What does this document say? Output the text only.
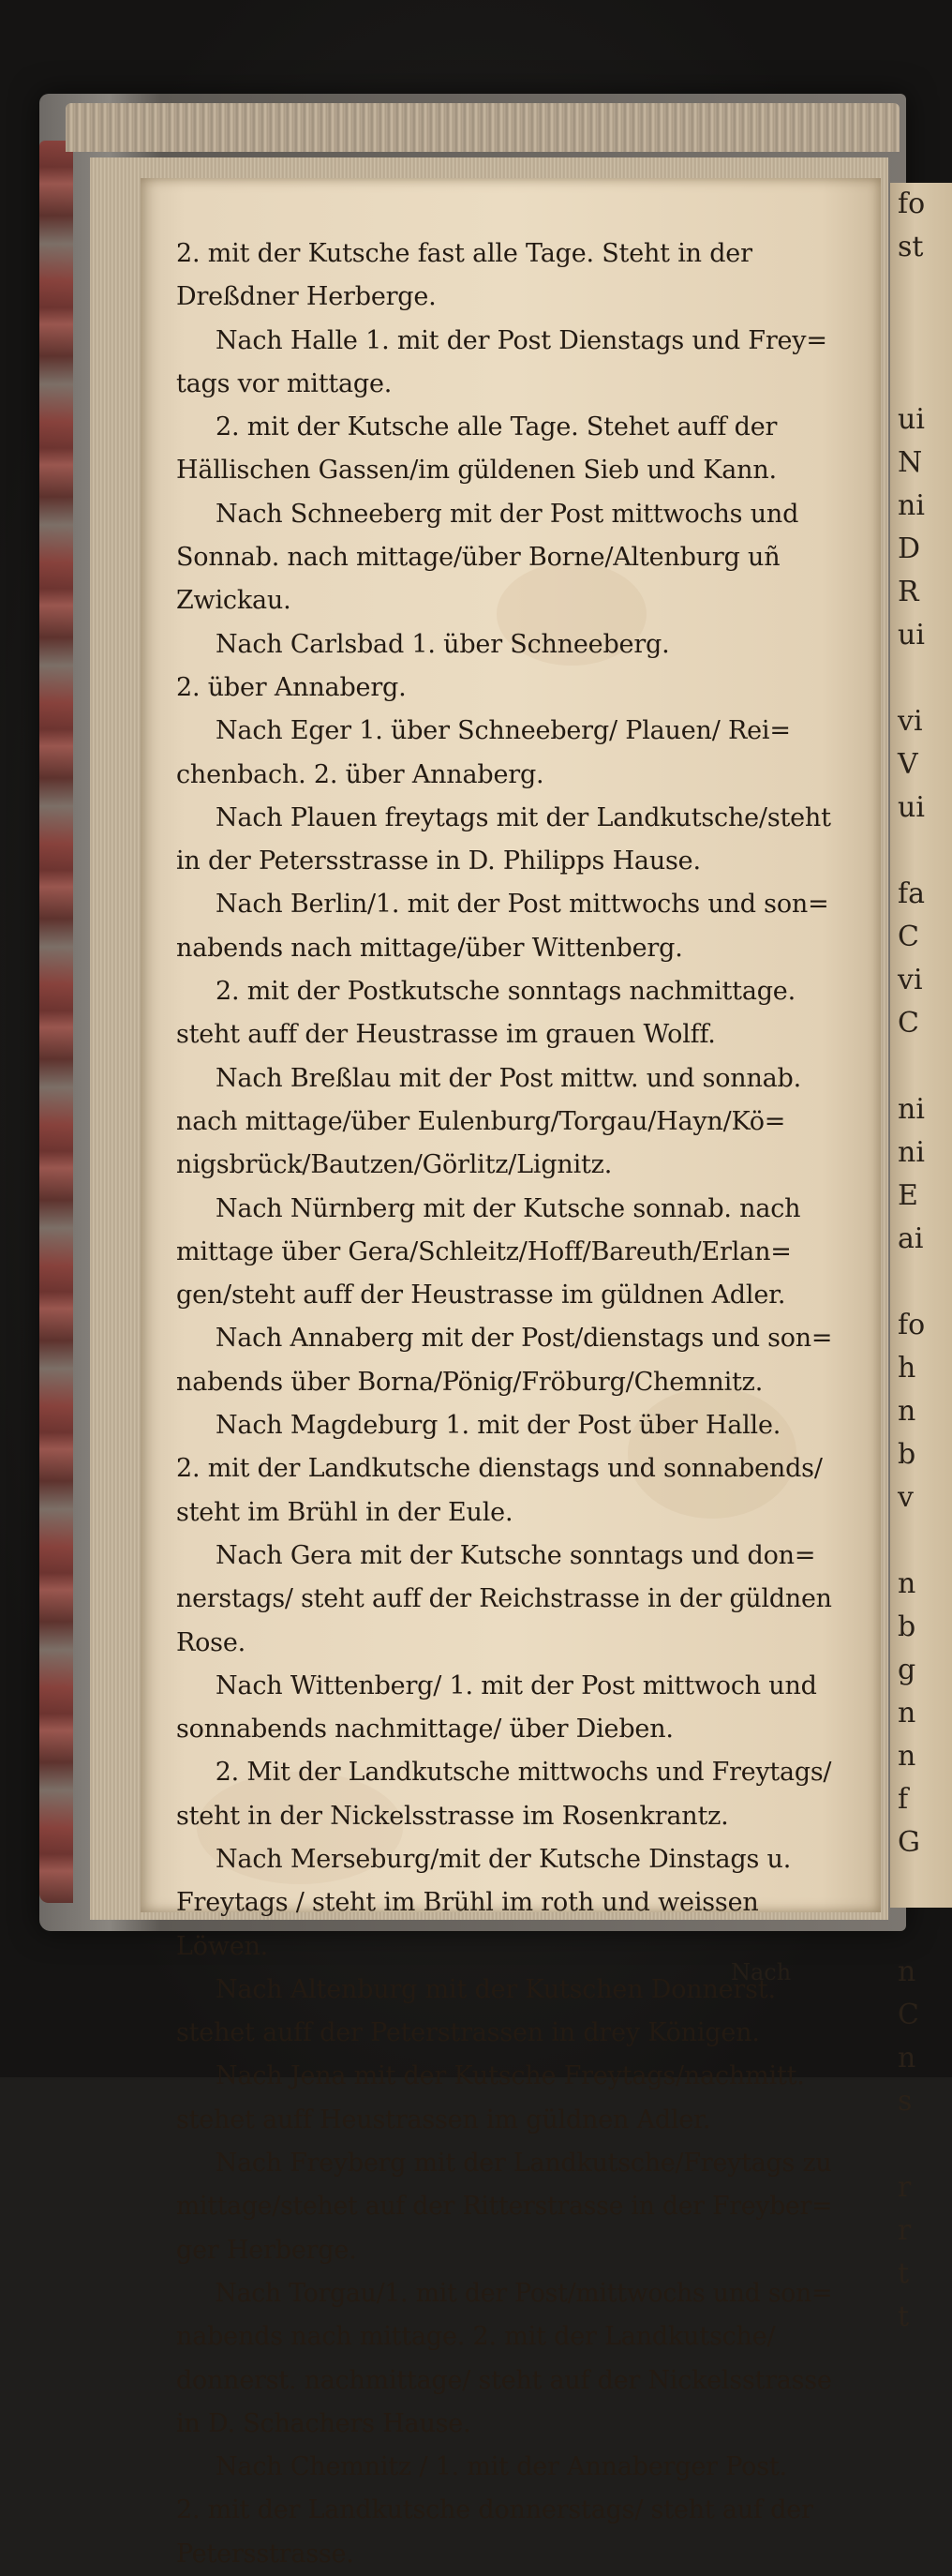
2. mit der Kutsche fast alle Tage. Steht in der
Dreßdner Herberge.
Nach Halle 1. mit der Post Dienstags und Frey=
tags vor mittage.
2. mit der Kutsche alle Tage. Stehet auff der
Hällischen Gassen/im güldenen Sieb und Kann.
Nach Schneeberg mit der Post mittwochs und
Sonnab. nach mittage/über Borne/Altenburg uñ
Zwickau.
Nach Carlsbad 1. über Schneeberg.
2. über Annaberg.
Nach Eger 1. über Schneeberg/ Plauen/ Rei=
chenbach. 2. über Annaberg.
Nach Plauen freytags mit der Landkutsche/steht
in der Petersstrasse in D. Philipps Hause.
Nach Berlin/1. mit der Post mittwochs und son=
nabends nach mittage/über Wittenberg.
2. mit der Postkutsche sonntags nachmittage.
steht auff der Heustrasse im grauen Wolff.
Nach Breßlau mit der Post mittw. und sonnab.
nach mittage/über Eulenburg/Torgau/Hayn/Kö=
nigsbrück/Bautzen/Görlitz/Lignitz.
Nach Nürnberg mit der Kutsche sonnab. nach
mittage über Gera/Schleitz/Hoff/Bareuth/Erlan=
gen/steht auff der Heustrasse im güldnen Adler.
Nach Annaberg mit der Post/dienstags und son=
nabends über Borna/Pönig/Fröburg/Chemnitz.
Nach Magdeburg 1. mit der Post über Halle.
2. mit der Landkutsche dienstags und sonnabends/
steht im Brühl in der Eule.
Nach Gera mit der Kutsche sonntags und don=
nerstags/ steht auff der Reichstrasse in der güldnen
Rose.
Nach Wittenberg/ 1. mit der Post mittwoch und
sonnabends nachmittage/ über Dieben.
2. Mit der Landkutsche mittwochs und Freytags/
steht in der Nickelsstrasse im Rosenkrantz.
Nach Merseburg/mit der Kutsche Dinstags u.
Freytags / steht im Brühl im roth und weissen
Löwen.
Nach Altenburg mit der Kutschen Donnerst.
stehet auff der Peterstrassen in drey Königen.
Nach Jena mit der Kutsche Freytags/nachmitt.
stehet auff Heustrassen im güldnen Adler.
Nach Freyberg mit der Landkutsche/Freytags zu
mittage/stehet auf der Ritterstrasse in der Freyber=
ger Herberge.
Nach Torgau/1. mit der Post/mittwochs und son=
nabends nach mittage. 2. mit der Landkutsche/
donnerst. nachmittage/ steht auf der Nickelsstrasse
in D. Schachers Hause.
Nach Chemnitz / 1. mit der Annaberger Post.
2. mit der Landkutsche donnerstags/ steht auf der
Petersstrasse.
Nach
fo
st
ui
N
ni
D
R
ui
vi
V
ui
fa
C
vi
C
ni
ni
E
ai
fo
h
n
b
v
n
b
g
n
n
f
G
n
C
n
s
r
r
t
t
